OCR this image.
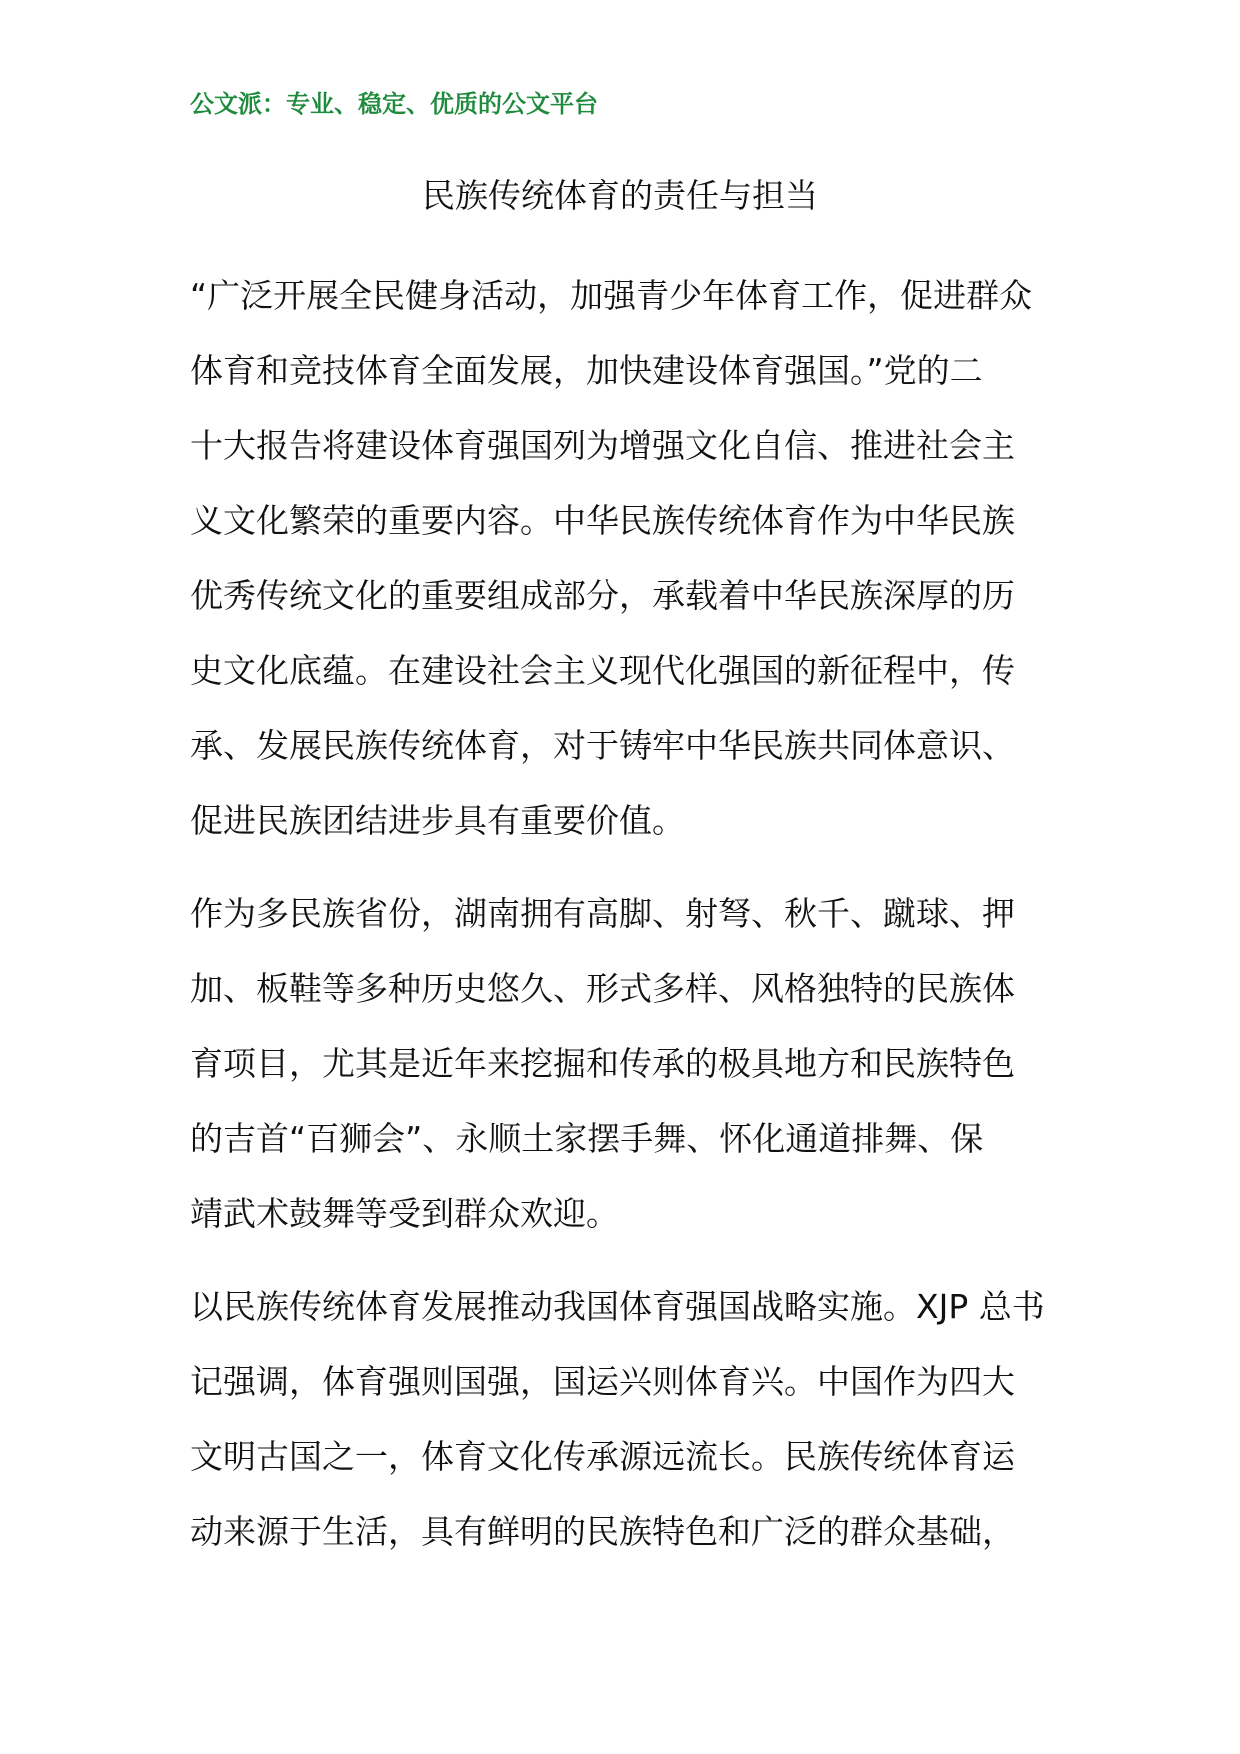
公文派：专业、稳定、优质的公文平台
民族传统体育的责任与担当
“广泛开展全民健身活动，加强青少年体育工作，促进群众
体育和竞技体育全面发展，加快建设体育强国。”党的二
十大报告将建设体育强国列为增强文化自信、推进社会主
义文化繁荣的重要内容。中华民族传统体育作为中华民族
优秀传统文化的重要组成部分，承载着中华民族深厚的历
史文化底蕴。在建设社会主义现代化强国的新征程中，传
承、发展民族传统体育，对于铸牢中华民族共同体意识、
促进民族团结进步具有重要价值。
作为多民族省份，湖南拥有高脚、射弩、秋千、蹴球、押
加、板鞋等多种历史悠久、形式多样、风格独特的民族体
育项目，尤其是近年来挖掘和传承的极具地方和民族特色
的吉首“百狮会”、永顺土家摆手舞、怀化通道排舞、保
靖武术鼓舞等受到群众欢迎。
以民族传统体育发展推动我国体育强国战略实施。XJP 总书
记强调，体育强则国强，国运兴则体育兴。中国作为四大
文明古国之一，体育文化传承源远流长。民族传统体育运
动来源于生活，具有鲜明的民族特色和广泛的群众基础，
